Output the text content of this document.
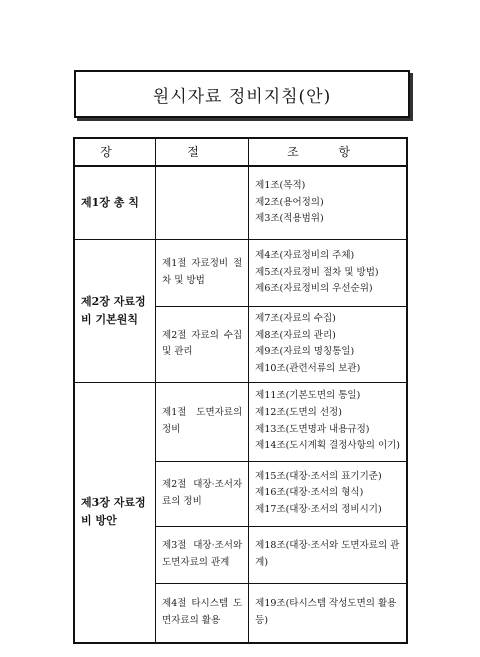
원시자료 정비지침(안)
장	절	조 항
제1장 총 칙		제1조(목적)
제2조(용어정의)
제3조(적용범위)

제2장 자료정비 기본원칙	제1절 자료정비 절차 및 방법	제4조(자료정비의 주체)
제5조(자료정비 절차 및 방법)
제6조(자료정비의 우선순위)

	제2절 자료의 수집 및 관리	제7조(자료의 수집)
제8조(자료의 관리)
제9조(자료의 명칭통일)
제10조(관련서류의 보관)

제3장 자료정비 방안	제1절 도면자료의 정비	제11조(기본도면의 통일)
제12조(도면의 선정)
제13조(도면명과 내용규정)
제14조(도시계획 결정사항의 이기)

	제2절 대장·조서자료의 정비	제15조(대장·조서의 표기기준)
제16조(대장·조서의 형식)
제17조(대장·조서의 정비시기)

	제3절 대장·조서와 도면자료의 관계	제18조(대장·조서와 도면자료의 관계)

	제4절 타시스템 도면자료의 활용	제19조(타시스템 작성도면의 활용등)
